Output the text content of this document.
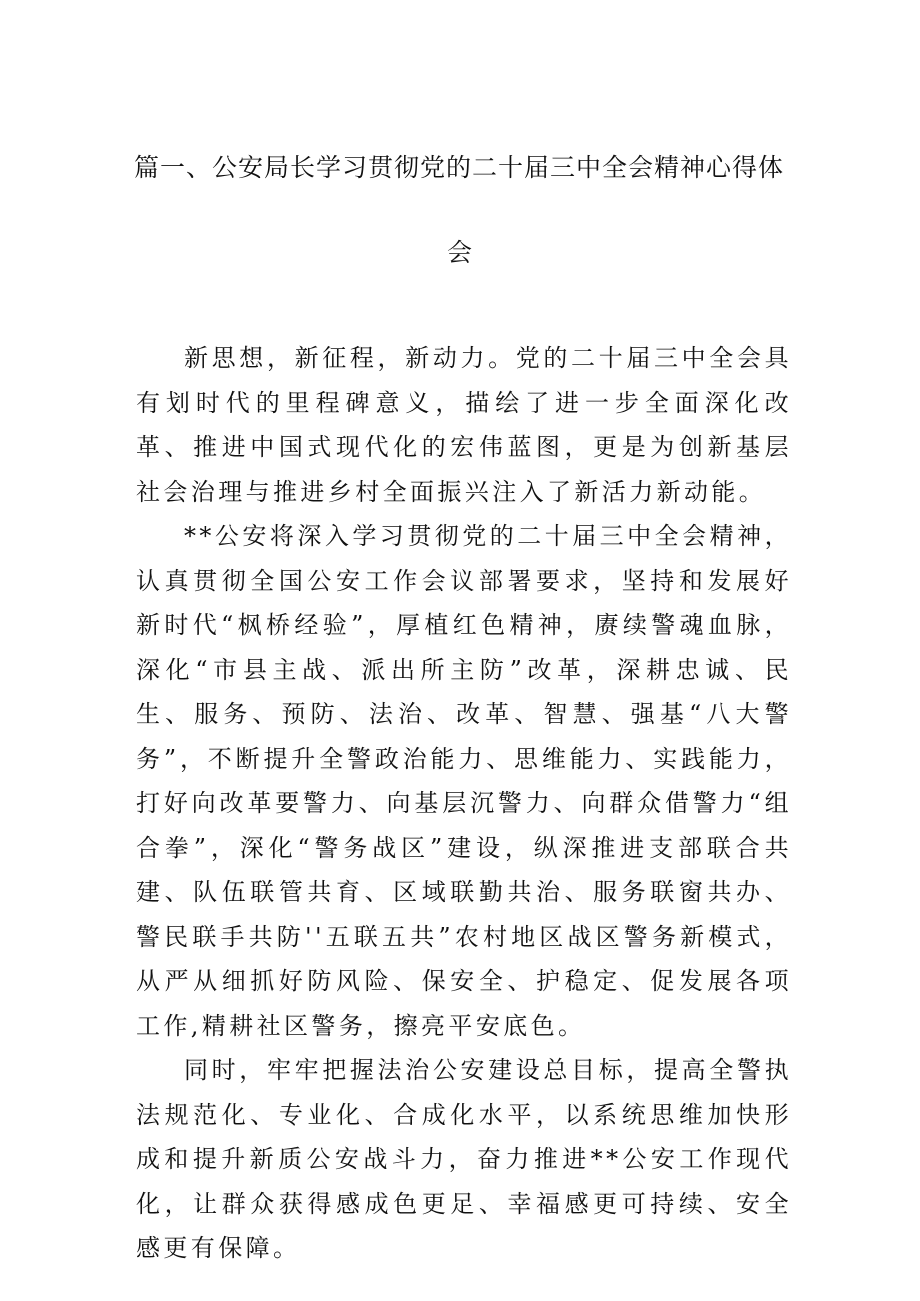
篇一、公安局长学习贯彻党的二十届三中全会精神心得体
会

新思想，新征程，新动力。党的二十届三中全会具有划时代的里程碑意义，描绘了进一步全面深化改革、推进中国式现代化的宏伟蓝图，更是为创新基层社会治理与推进乡村全面振兴注入了新活力新动能。

**公安将深入学习贯彻党的二十届三中全会精神，认真贯彻全国公安工作会议部署要求，坚持和发展好新时代“枫桥经验”，厚植红色精神，赓续警魂血脉，深化“市县主战、派出所主防”改革，深耕忠诚、民生、服务、预防、法治、改革、智慧、强基“八大警务”，不断提升全警政治能力、思维能力、实践能力，打好向改革要警力、向基层沉警力、向群众借警力“组合拳”，深化“警务战区”建设，纵深推进支部联合共建、队伍联管共育、区域联勤共治、服务联窗共办、警民联手共防''五联五共”农村地区战区警务新模式，从严从细抓好防风险、保安全、护稳定、促发展各项工作,精耕社区警务，擦亮平安底色。

同时，牢牢把握法治公安建设总目标，提高全警执法规范化、专业化、合成化水平，以系统思维加快形成和提升新质公安战斗力，奋力推进**公安工作现代化，让群众获得感成色更足、幸福感更可持续、安全感更有保障。
